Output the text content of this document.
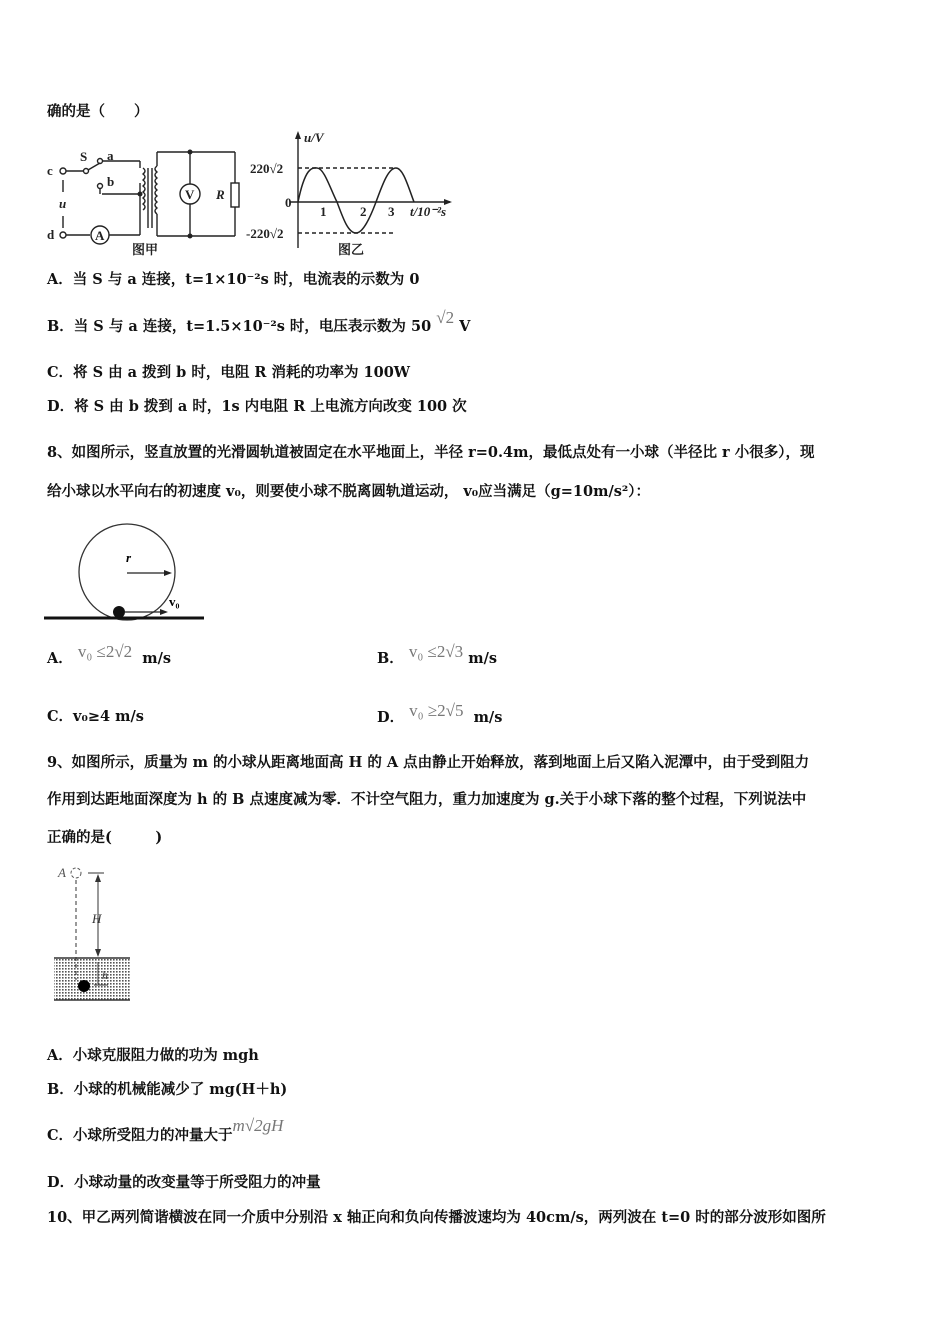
确的是（　　）
S a
b
c
d
u
A
V R
图甲
u/V
220√2
0
-220√2
1	2 3 t/10⁻²s
图乙
A．当 S 与 a 连接，t=1×10⁻²s 时，电流表的示数为 0
B．当 S 与 a 连接，t=1.5×10⁻²s 时，电压表示数为 50 √2 V
C．将 S 由 a 拨到 b 时，电阻 R 消耗的功率为 100W
D．将 S 由 b 拨到 a 时，1s 内电阻 R 上电流方向改变 100 次
8、如图所示，竖直放置的光滑圆轨道被固定在水平地面上，半径 r=0.4m，最低点处有一小球（半径比 r 小很多），现
给小球以水平向右的初速度 v₀，则要使小球不脱离圆轨道运动， v₀应当满足（g=10m/s²）：
r
v₀
A． v₀ ≤2√2 m/s	B． v₀ ≤2√3 m/s
C．v₀≥4 m/s	D． v₀ ≥2√5 m/s
9、如图所示，质量为 m 的小球从距离地面高 H 的 A 点由静止开始释放，落到地面上后又陷入泥潭中，由于受到阻力
作用到达距地面深度为 h 的 B 点速度减为零．不计空气阻力，重力加速度为 g.关于小球下落的整个过程，下列说法中
正确的是(　　　)
A
H
h
A．小球克服阻力做的功为 mgh
B．小球的机械能减少了 mg(H＋h)
C．小球所受阻力的冲量大于m√2gH
D．小球动量的改变量等于所受阻力的冲量
10、甲乙两列简谐横波在同一介质中分别沿 x 轴正向和负向传播波速均为 40cm/s，两列波在 t=0 时的部分波形如图所
